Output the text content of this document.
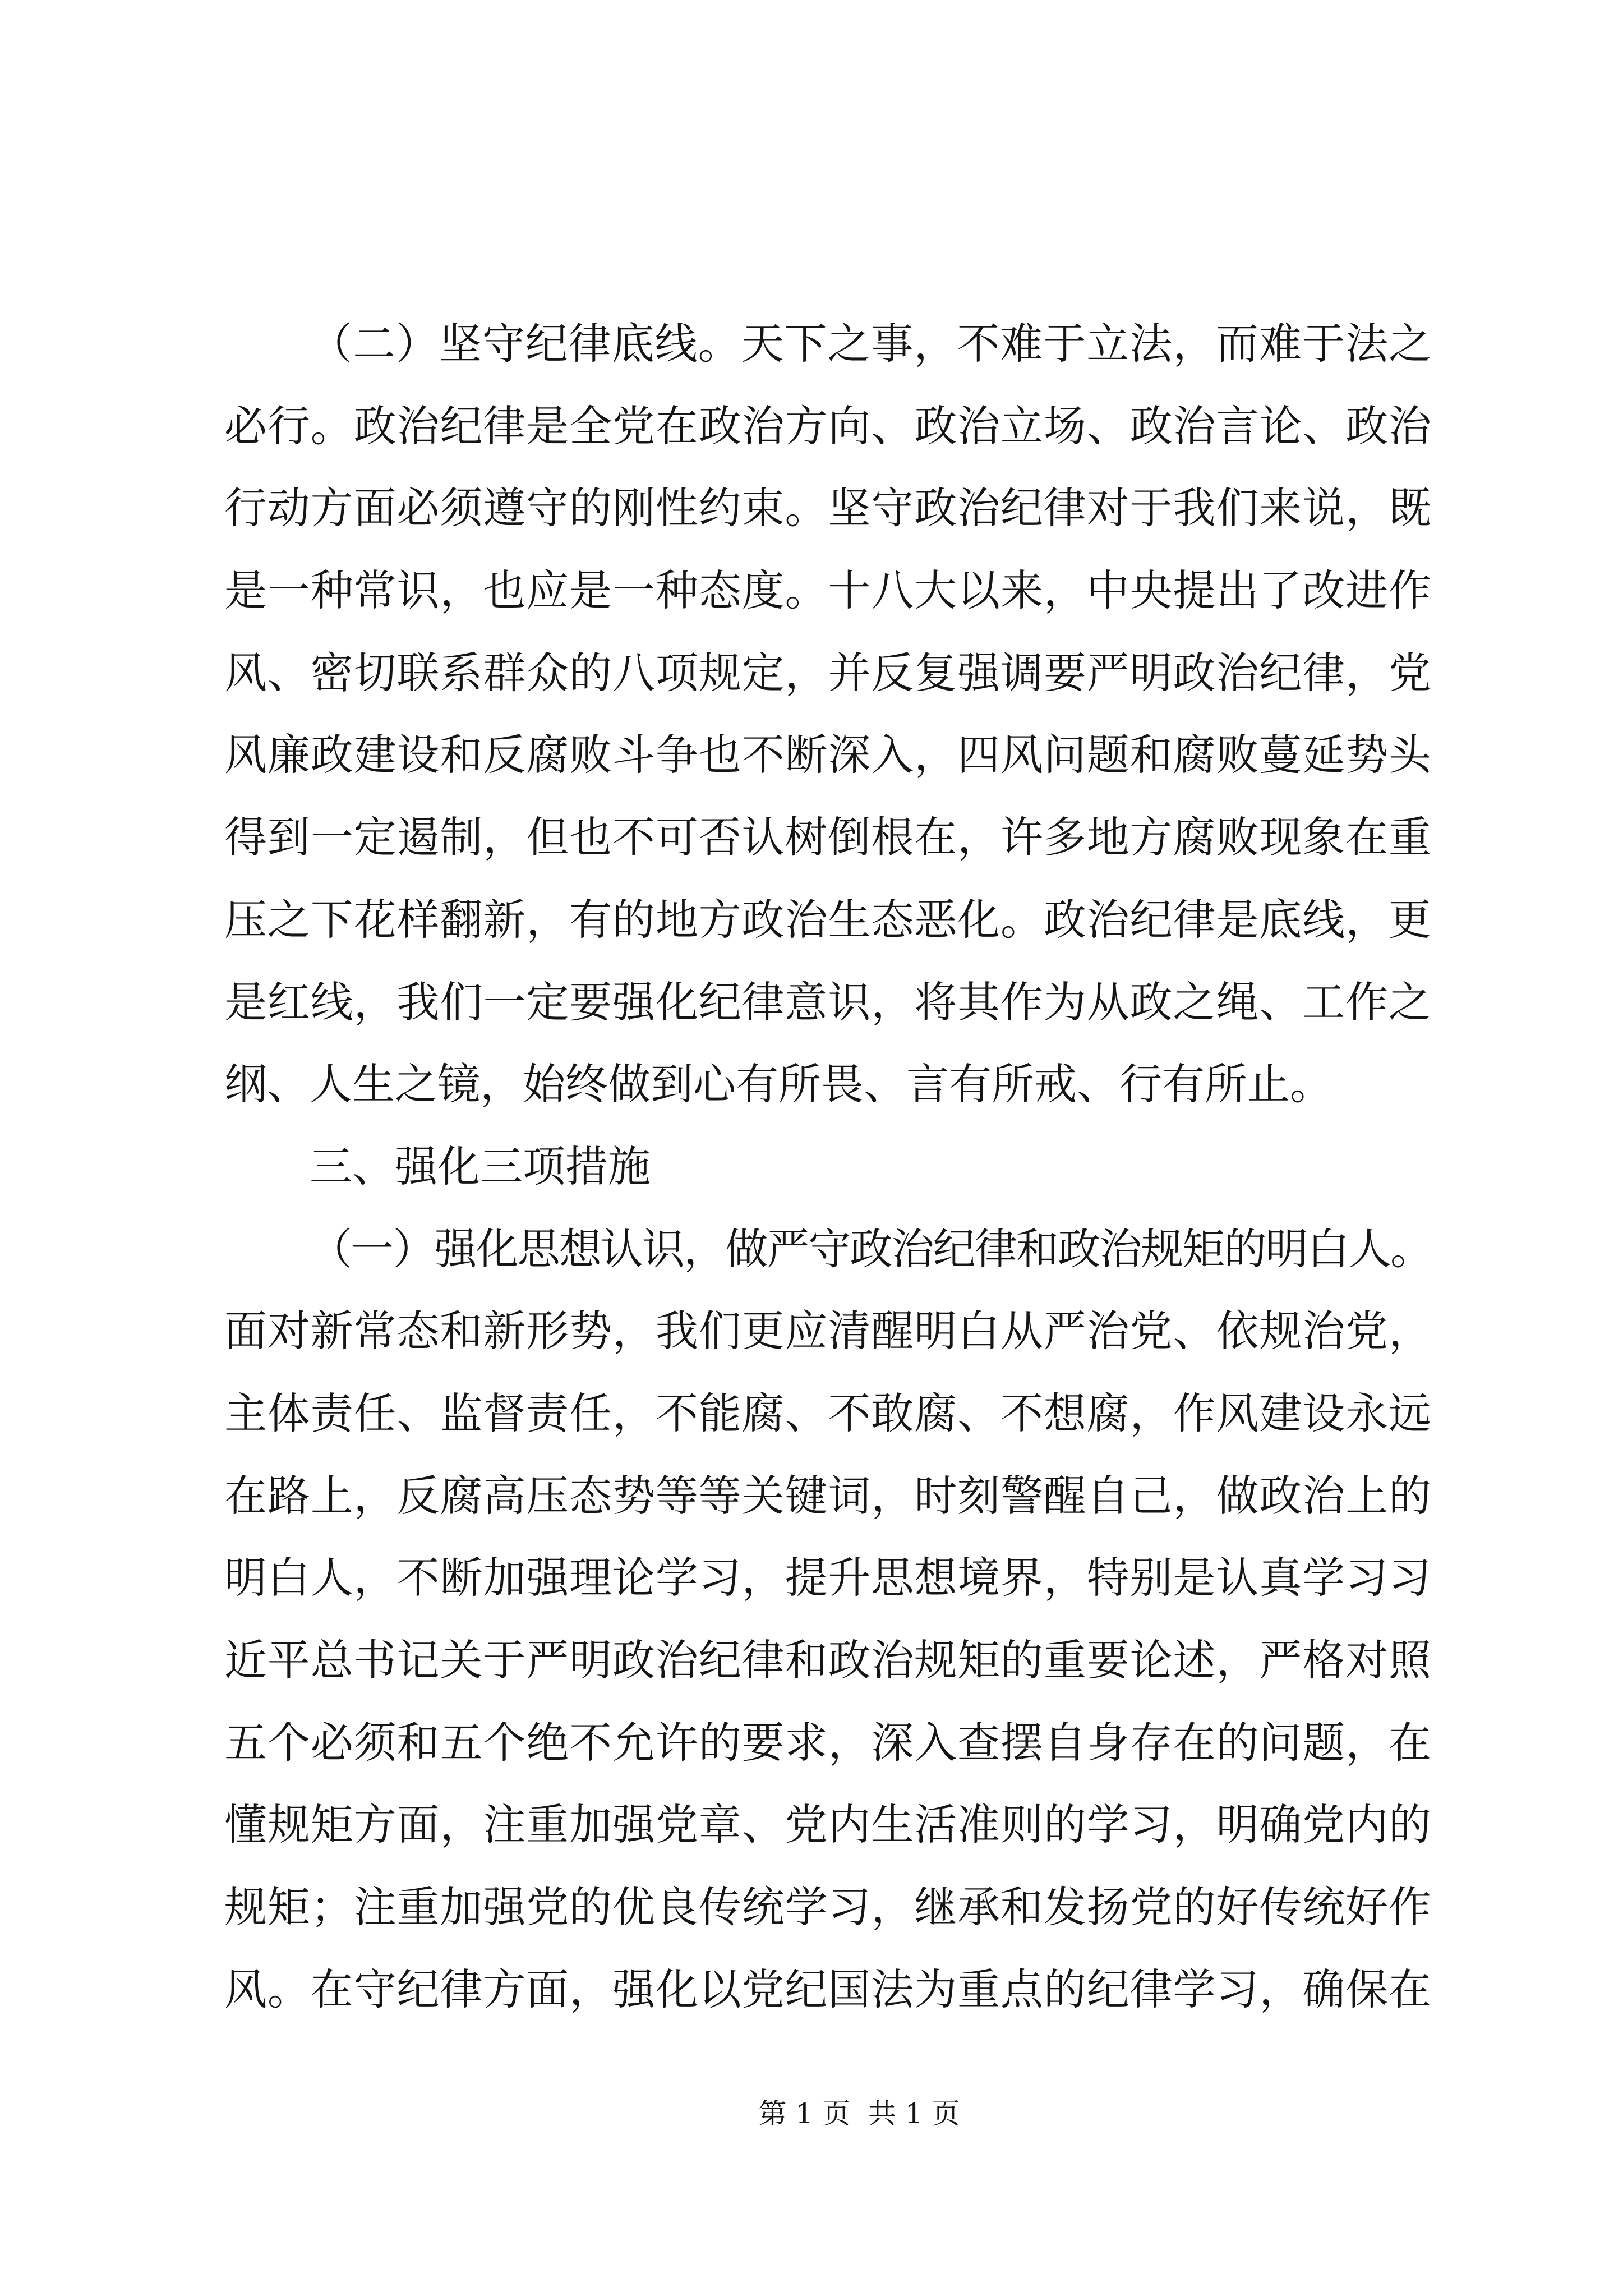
（二）坚守纪律底线。天下之事，不难于立法，而难于法之
必行。政治纪律是全党在政治方向、政治立场、政治言论、政治
行动方面必须遵守的刚性约束。坚守政治纪律对于我们来说，既
是一种常识，也应是一种态度。十八大以来，中央提出了改进作
风、密切联系群众的八项规定，并反复强调要严明政治纪律，党
风廉政建设和反腐败斗争也不断深入，四风问题和腐败蔓延势头
得到一定遏制，但也不可否认树倒根在，许多地方腐败现象在重
压之下花样翻新，有的地方政治生态恶化。政治纪律是底线，更
是红线，我们一定要强化纪律意识，将其作为从政之绳、工作之
纲、人生之镜，始终做到心有所畏、言有所戒、行有所止。
三、强化三项措施
（一）强化思想认识，做严守政治纪律和政治规矩的明白人。
面对新常态和新形势，我们更应清醒明白从严治党、依规治党，
主体责任、监督责任，不能腐、不敢腐、不想腐，作风建设永远
在路上，反腐高压态势等等关键词，时刻警醒自己，做政治上的
明白人，不断加强理论学习，提升思想境界，特别是认真学习习
近平总书记关于严明政治纪律和政治规矩的重要论述，严格对照
五个必须和五个绝不允许的要求，深入查摆自身存在的问题，在
懂规矩方面，注重加强党章、党内生活准则的学习，明确党内的
规矩；注重加强党的优良传统学习，继承和发扬党的好传统好作
风。在守纪律方面，强化以党纪国法为重点的纪律学习，确保在
第 1 页  共 1 页
